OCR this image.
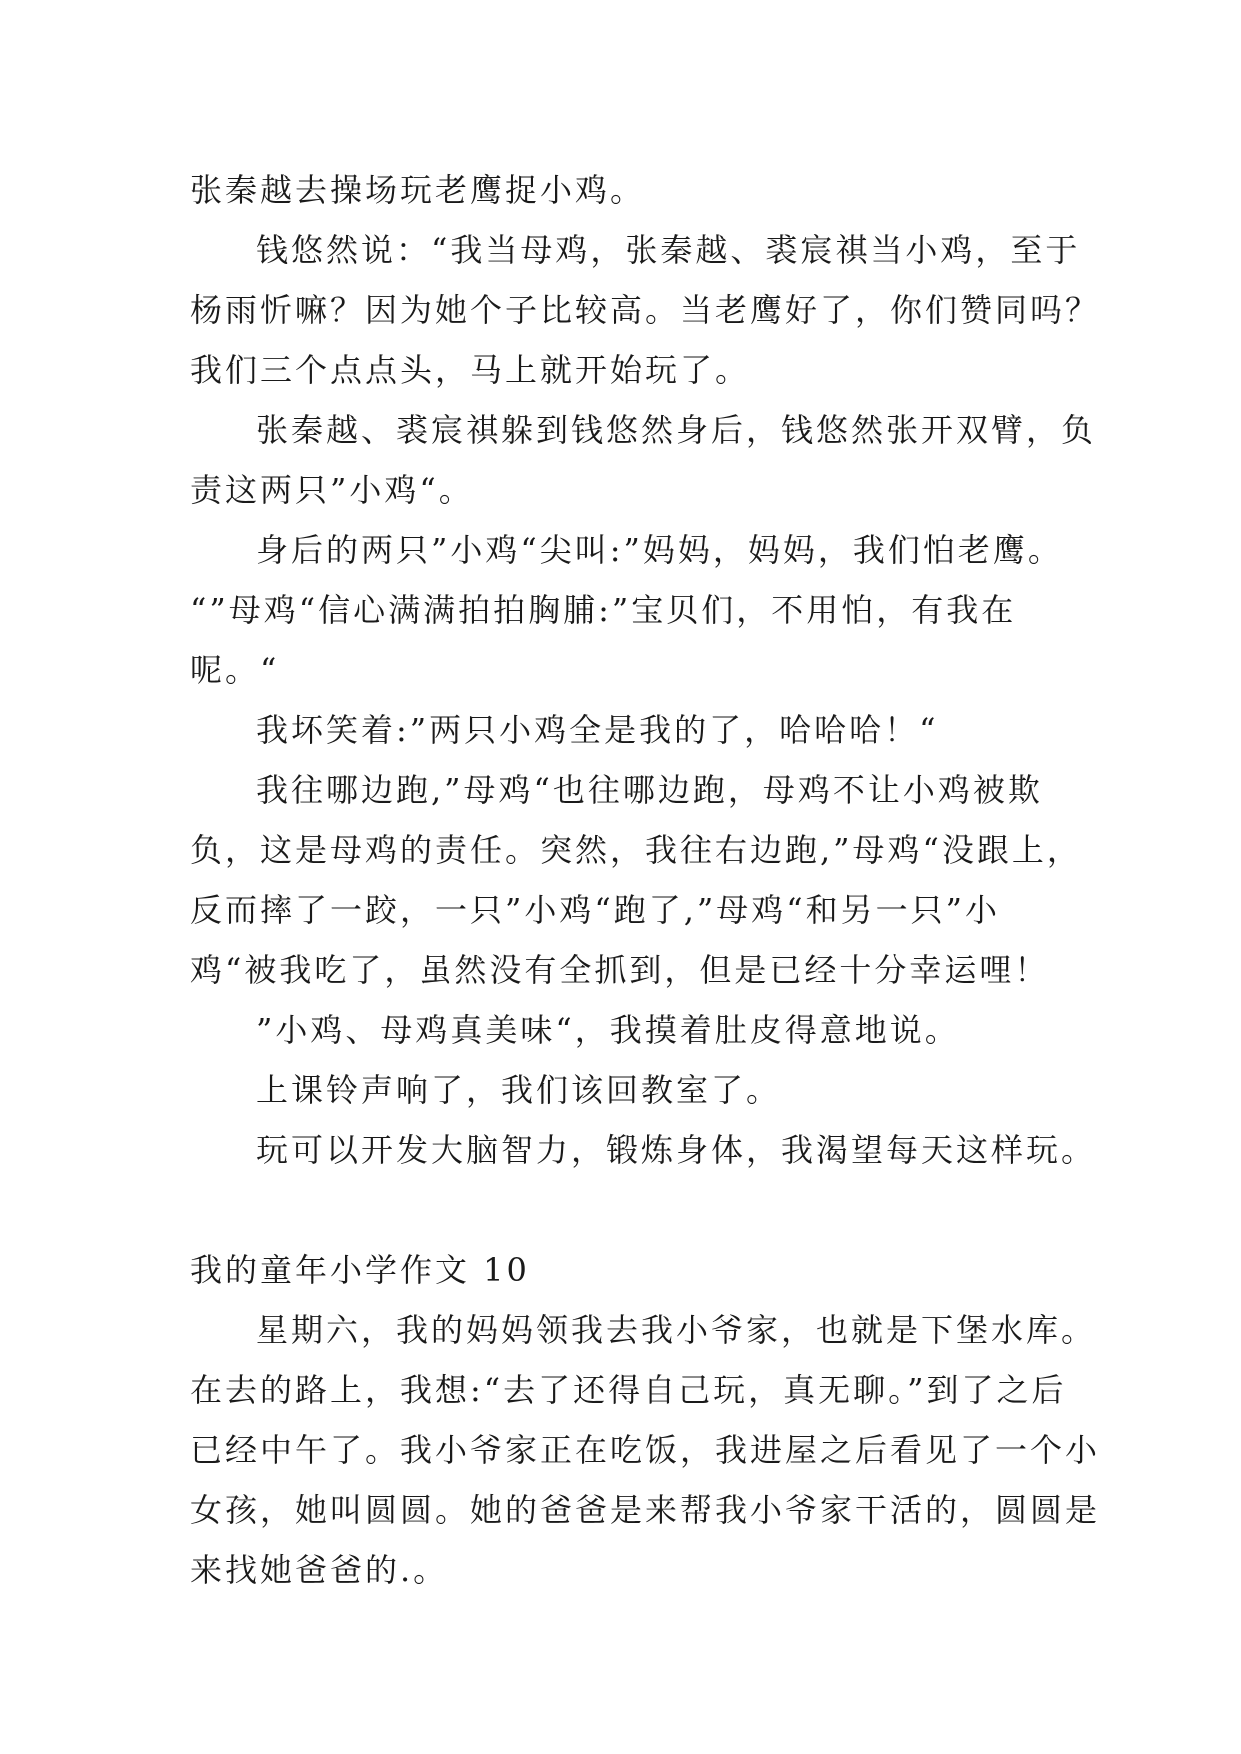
张秦越去操场玩老鹰捉小鸡。
钱悠然说：“我当母鸡，张秦越、裘宸祺当小鸡，至于
杨雨忻嘛？因为她个子比较高。当老鹰好了，你们赞同吗？
我们三个点点头，马上就开始玩了。
张秦越、裘宸祺躲到钱悠然身后，钱悠然张开双臂，负
责这两只”小鸡“。
身后的两只”小鸡“尖叫:”妈妈，妈妈，我们怕老鹰。
“”母鸡“信心满满拍拍胸脯:”宝贝们，不用怕，有我在
呢。“
我坏笑着:”两只小鸡全是我的了，哈哈哈！“
我往哪边跑,”母鸡“也往哪边跑，母鸡不让小鸡被欺
负，这是母鸡的责任。突然，我往右边跑,”母鸡“没跟上，
反而摔了一跤，一只”小鸡“跑了,”母鸡“和另一只”小
鸡“被我吃了，虽然没有全抓到，但是已经十分幸运哩！
”小鸡、母鸡真美味“，我摸着肚皮得意地说。
上课铃声响了，我们该回教室了。
玩可以开发大脑智力，锻炼身体，我渴望每天这样玩。
我的童年小学作文 10
星期六，我的妈妈领我去我小爷家，也就是下堡水库。
在去的路上，我想:“去了还得自己玩，真无聊。”到了之后
已经中午了。我小爷家正在吃饭，我进屋之后看见了一个小
女孩，她叫圆圆。她的爸爸是来帮我小爷家干活的，圆圆是
来找她爸爸的.。
